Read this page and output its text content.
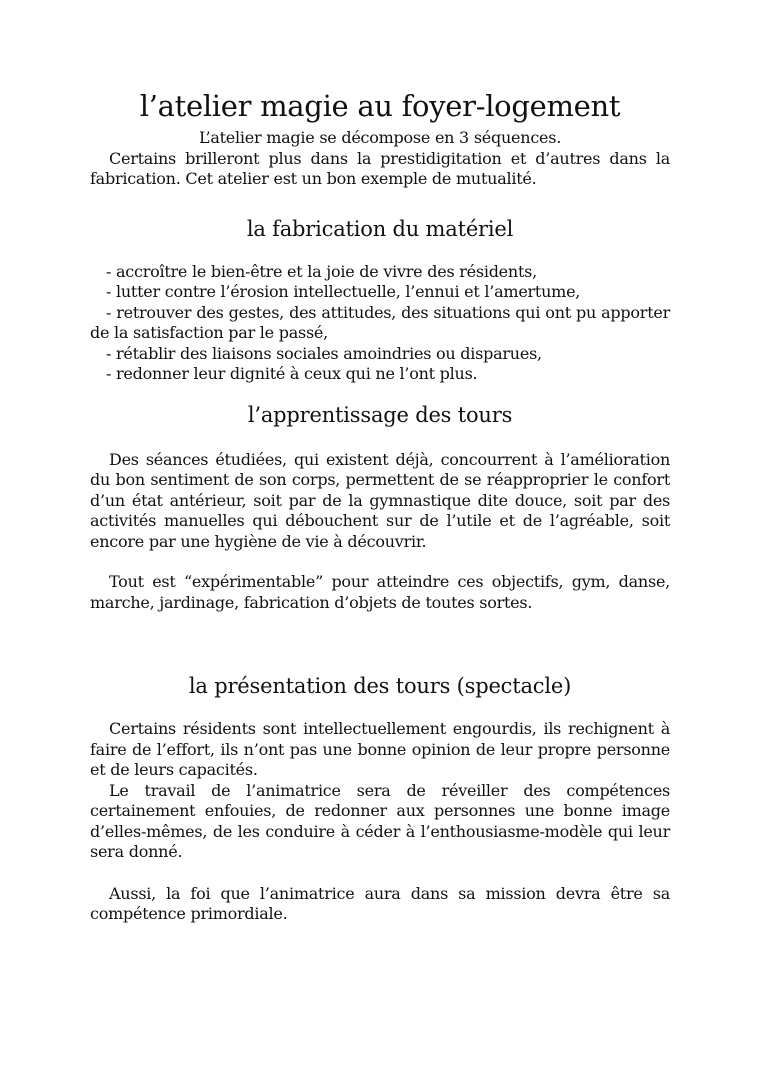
l’atelier magie au foyer-logement

L’atelier magie se décompose en 3 séquences.

Certains brilleront plus dans la prestidigitation et d’autres dans la fabrication. Cet atelier est un bon exemple de mutualité.

la fabrication du matériel

- accroître le bien-être et la joie de vivre des résidents,

- lutter contre l’érosion intellectuelle, l’ennui et l’amertume,

- retrouver des gestes, des attitudes, des situations qui ont pu apporter de la satisfaction par le passé,

- rétablir des liaisons sociales amoindries ou disparues,

- redonner leur dignité à ceux qui ne l’ont plus.

l’apprentissage des tours

Des séances étudiées, qui existent déjà, concourrent à l’amélioration du bon sentiment de son corps, permettent de se réapproprier le confort d’un état antérieur, soit par de la gymnastique dite douce, soit par des activités manuelles qui débouchent sur de l’utile et de l’agréable, soit encore par une hygiène de vie à découvrir.

Tout est “expérimentable” pour atteindre ces objectifs, gym, danse, marche, jardinage, fabrication d’objets de toutes sortes.

la présentation des tours (spectacle)

Certains résidents sont intellectuellement engourdis, ils rechignent à faire de l’effort, ils n’ont pas une bonne opinion de leur propre personne et de leurs capacités.

Le travail de l’animatrice sera de réveiller des compétences certainement enfouies, de redonner aux personnes une bonne image d’elles-mêmes, de les conduire à céder à l’enthousiasme-modèle qui leur sera donné.

Aussi, la foi que l’animatrice aura dans sa mission devra être sa compétence primordiale.
